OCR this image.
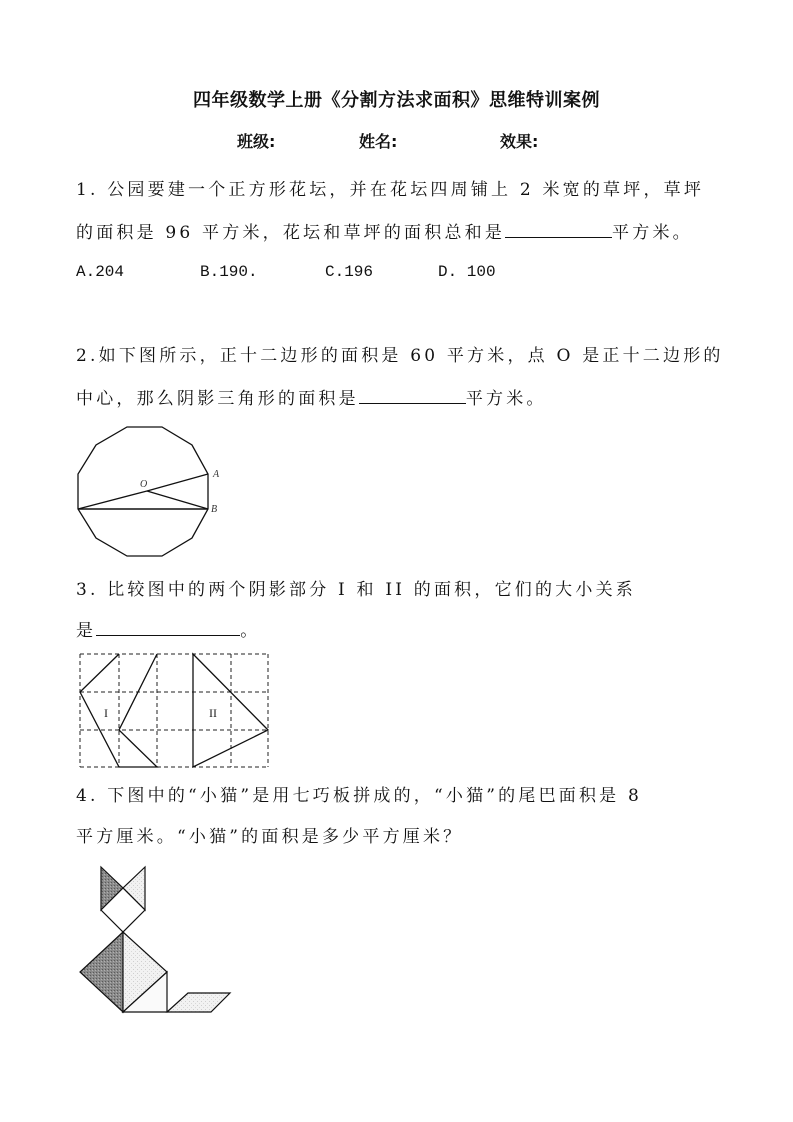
四年级数学上册《分割方法求面积》思维特训案例
班级:	姓名:	效果:
1. 公园要建一个正方形花坛，并在花坛四周铺上 2 米宽的草坪，草坪
的面积是 96 平方米，花坛和草坪的面积总和是	平方米。
A.204	B.190.	C.196	D. 100
2.如下图所示，正十二边形的面积是 60 平方米，点 O 是正十二边形的
中心，那么阴影三角形的面积是	平方米。
O
A
B
3. 比较图中的两个阴影部分 I 和 II 的面积，它们的大小关系
是	。
I	II
4. 下图中的“小猫”是用七巧板拼成的，“小猫”的尾巴面积是 8
平方厘米。“小猫”的面积是多少平方厘米？
